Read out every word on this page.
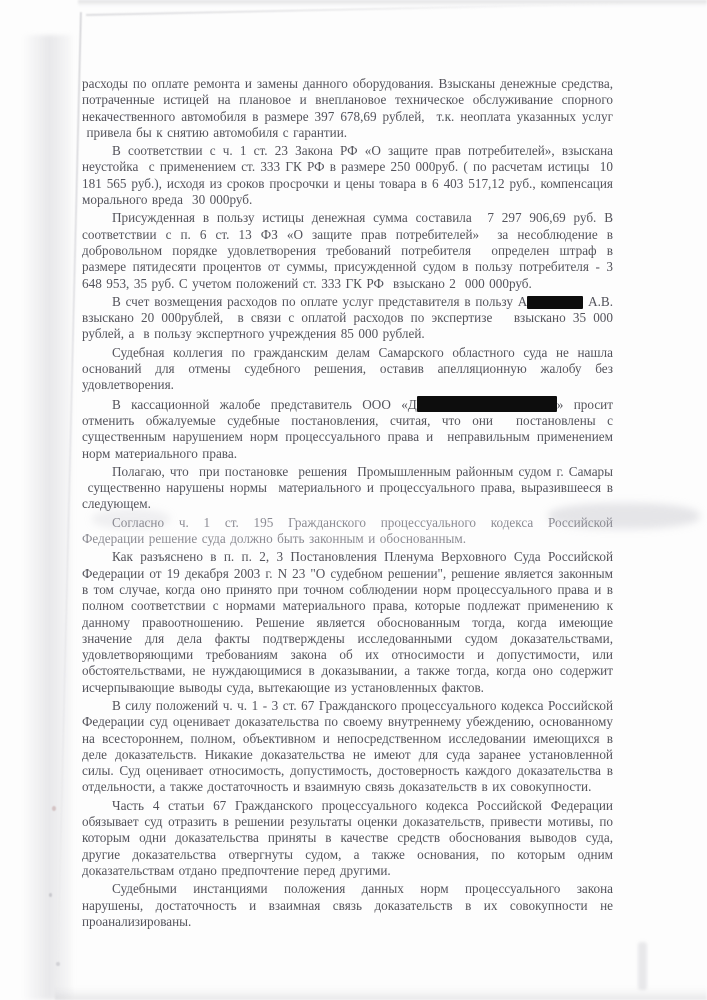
расходы по оплате ремонта и замены данного оборудования. Взысканы денежные средства, потраченные истицей на плановое и внеплановое техническое обслуживание спорного некачественного автомобиля в размере 397 678,69 рублей,  т.к. неоплата указанных услуг  привела бы к снятию автомобиля с гарантии.

В соответствии с ч. 1 ст. 23 Закона РФ «О защите прав потребителей», взыскана неустойка  с применением ст. 333 ГК РФ в размере 250 000руб. ( по расчетам истицы  10 181 565 руб.), исходя из сроков просрочки и цены товара в 6 403 517,12 руб., компенсация морального вреда  30 000руб.

Присужденная в пользу истицы денежная сумма составила  7 297 906,69 руб. В соответствии с п. 6 ст. 13 ФЗ «О защите прав потребителей»  за несоблюдение в добровольном порядке удовлетворения требований потребителя  определен штраф в размере пятидесяти процентов от суммы, присужденной судом в пользу потребителя - 3 648 953, 35 руб. С учетом положений ст. 333 ГК РФ  взыскано 2  000 000руб.

В счет возмещения расходов по оплате услуг представителя в пользу А	А.В. взыскано 20 000рублей,  в связи с оплатой расходов по экспертизе   взыскано 35 000 рублей, а  в пользу экспертного учреждения 85 000 рублей.

Судебная коллегия по гражданским делам Самарского областного суда не нашла оснований для отмены судебного решения, оставив апелляционную жалобу без удовлетворения.

В кассационной жалобе представитель ООО «Д	» просит отменить обжалуемые судебные постановления, считая, что они  постановлены с существенным нарушением норм процессуального права и  неправильным применением норм материального права.

Полагаю, что  при постановке  решения  Промышленным районным судом г. Самары  существенно нарушены нормы  материального и процессуального права, выразившееся в следующем.

Согласно  ч.  1  ст.  195  Гражданского  процессуального  кодекса  Российской Федерации решение суда должно быть законным и обоснованным.

Как разъяснено в п. п. 2, 3 Постановления Пленума Верховного Суда Российской Федерации от 19 декабря 2003 г. N 23 "О судебном решении", решение является законным в том случае, когда оно принято при точном соблюдении норм процессуального права и в полном соответствии с нормами материального права, которые подлежат применению к данному правоотношению. Решение является обоснованным тогда, когда имеющие значение для дела факты подтверждены исследованными судом доказательствами, удовлетворяющими требованиям закона об их относимости и допустимости, или обстоятельствами, не нуждающимися в доказывании, а также тогда, когда оно содержит исчерпывающие выводы суда, вытекающие из установленных фактов.

В силу положений ч. ч. 1 - 3 ст. 67 Гражданского процессуального кодекса Российской Федерации суд оценивает доказательства по своему внутреннему убеждению, основанному на всестороннем, полном, объективном и непосредственном исследовании имеющихся в деле доказательств. Никакие доказательства не имеют для суда заранее установленной силы. Суд оценивает относимость, допустимость, достоверность каждого доказательства в отдельности, а также достаточность и взаимную связь доказательств в их совокупности.

Часть 4 статьи 67 Гражданского процессуального кодекса Российской Федерации обязывает суд отразить в решении результаты оценки доказательств, привести мотивы, по которым одни доказательства приняты в качестве средств обоснования выводов суда, другие доказательства отвергнуты судом, а также основания, по которым одним доказательствам отдано предпочтение перед другими.

Судебными  инстанциями  положения  данных  норм  процессуального  закона нарушены,  достаточность  и  взаимная  связь  доказательств  в  их  совокупности  не проанализированы.
